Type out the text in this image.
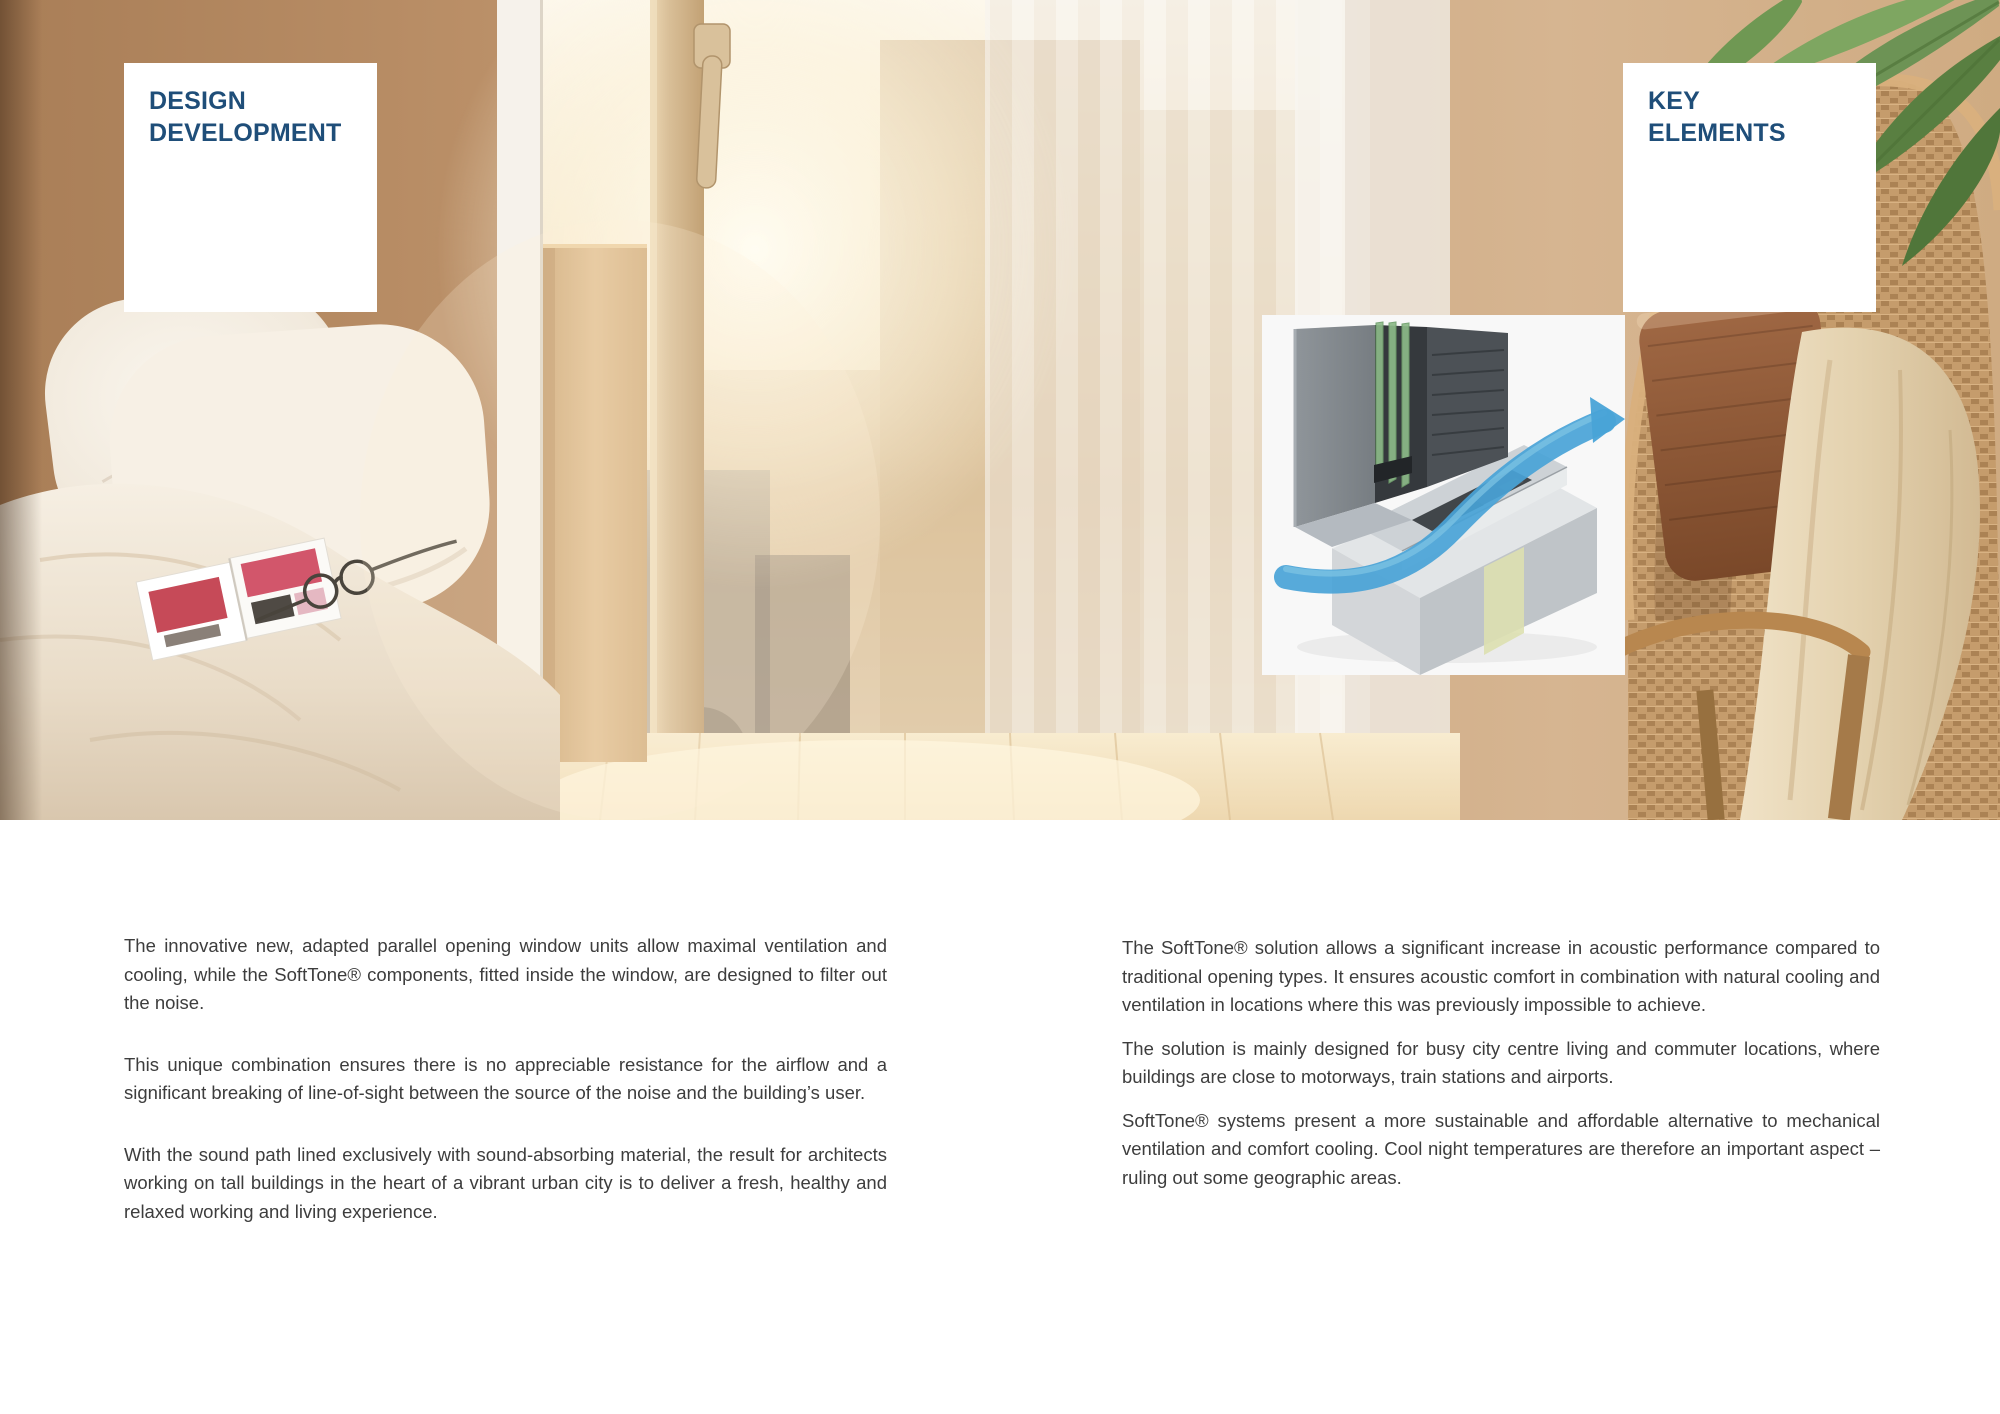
DESIGN
DEVELOPMENT
KEY
ELEMENTS

The innovative new, adapted parallel opening window units allow maximal ventilation and cooling, while the SoftTone® components, fitted inside the window, are designed to filter out the noise.

This unique combination ensures there is no appreciable resistance for the airflow and a significant breaking of line-of-sight between the source of the noise and the building’s user.

With the sound path lined exclusively with sound-absorbing material, the result for architects working on tall buildings in the heart of a vibrant urban city is to deliver a fresh, healthy and relaxed working and living experience.

The SoftTone® solution allows a significant increase in acoustic performance compared to traditional opening types. It ensures acoustic comfort in combination with natural cooling and ventilation in locations where this was previously impossible to achieve.

The solution is mainly designed for busy city centre living and commuter locations, where buildings are close to motorways, train stations and airports.

SoftTone® systems present a more sustainable and affordable alternative to mechanical ventilation and comfort cooling. Cool night temperatures are therefore an important aspect – ruling out some geographic areas.
